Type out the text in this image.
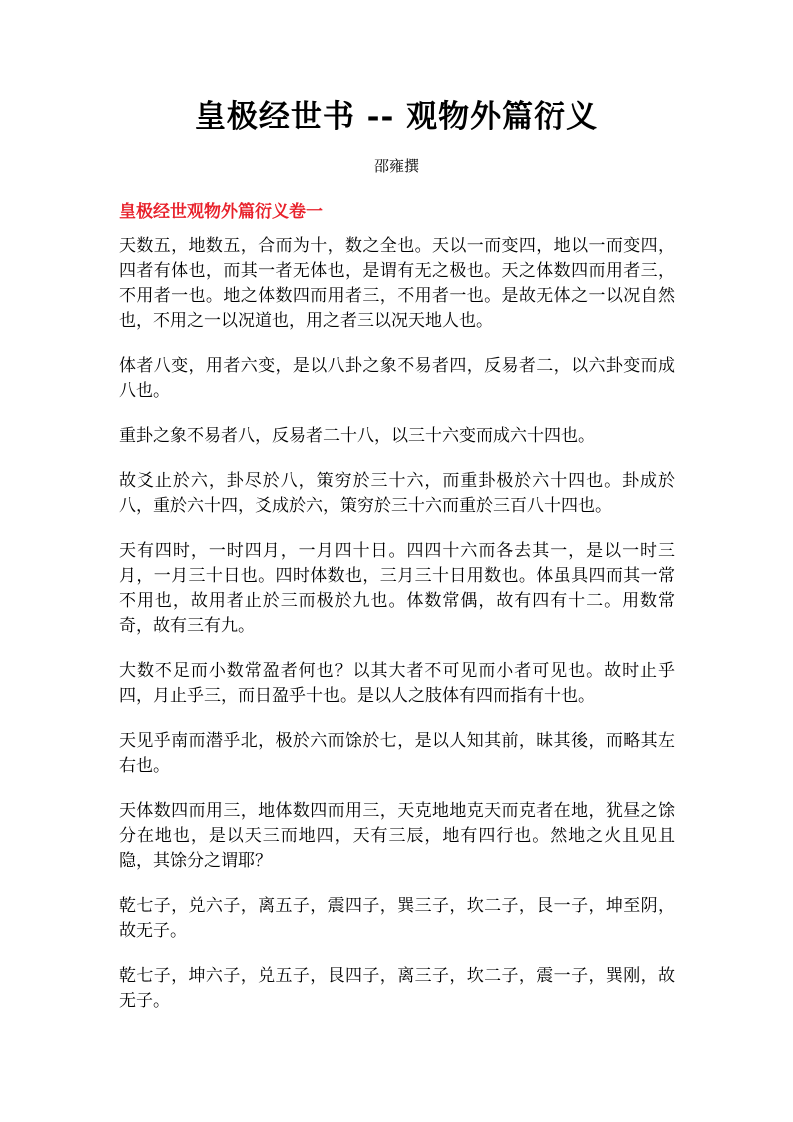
皇极经世书 -- 观物外篇衍义

邵雍撰

皇极经世观物外篇衍义卷一

天数五，地数五，合而为十，数之全也。天以一而变四，地以一而变四，四者有体也，而其一者无体也，是谓有无之极也。天之体数四而用者三，不用者一也。地之体数四而用者三，不用者一也。是故无体之一以况自然也，不用之一以况道也，用之者三以况天地人也。

体者八变，用者六变，是以八卦之象不易者四，反易者二，以六卦变而成八也。

重卦之象不易者八，反易者二十八，以三十六变而成六十四也。

故爻止於六，卦尽於八，策穷於三十六，而重卦极於六十四也。卦成於八，重於六十四，爻成於六，策穷於三十六而重於三百八十四也。

天有四时，一时四月，一月四十日。四四十六而各去其一，是以一时三月，一月三十日也。四时体数也，三月三十日用数也。体虽具四而其一常不用也，故用者止於三而极於九也。体数常偶，故有四有十二。用数常奇，故有三有九。

大数不足而小数常盈者何也？以其大者不可见而小者可见也。故时止乎四，月止乎三，而日盈乎十也。是以人之肢体有四而指有十也。

天见乎南而潜乎北，极於六而馀於七，是以人知其前，昧其後，而略其左右也。

天体数四而用三，地体数四而用三，天克地地克天而克者在地，犹昼之馀分在地也，是以天三而地四，天有三辰，地有四行也。然地之火且见且隐，其馀分之谓耶？

乾七子，兑六子，离五子，震四子，巽三子，坎二子，艮一子，坤至阴，故无子。

乾七子，坤六子，兑五子，艮四子，离三子，坎二子，震一子，巽刚，故无子。
